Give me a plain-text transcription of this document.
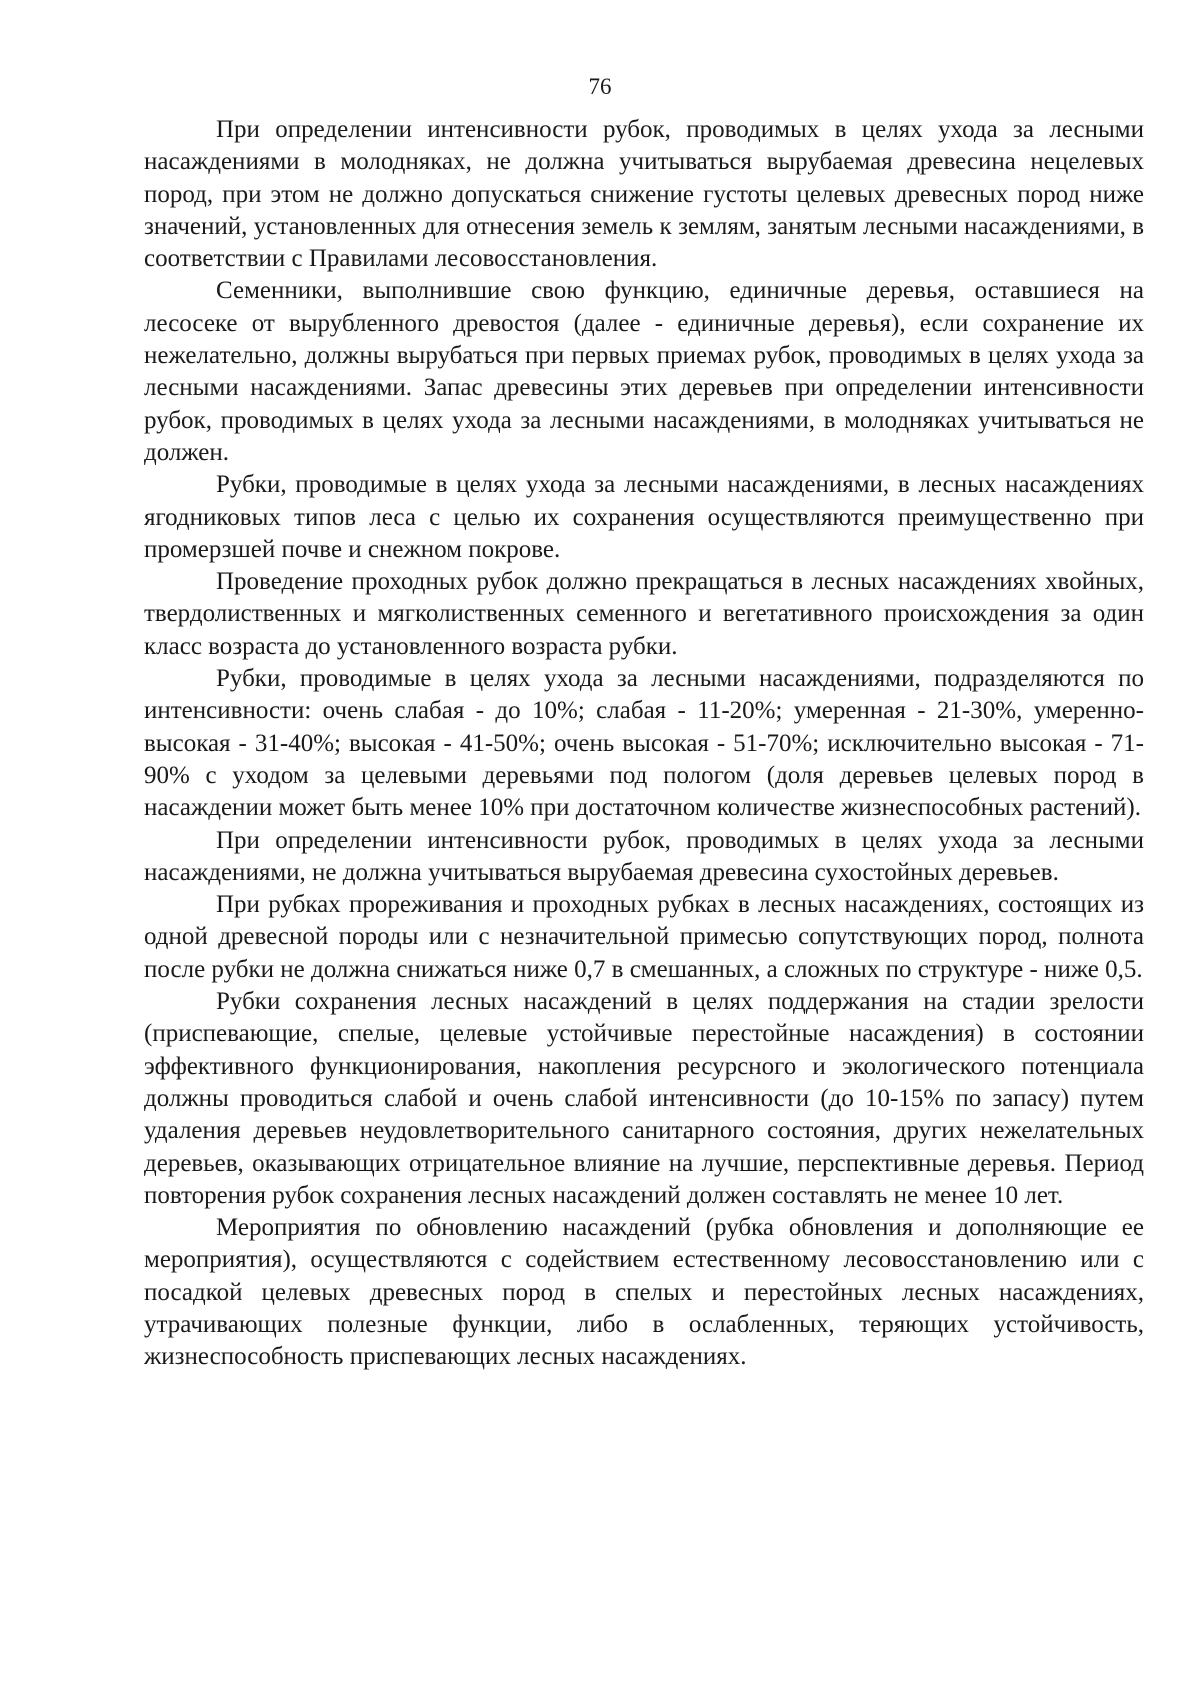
76

При определении интенсивности рубок, проводимых в целях ухода за лесными насаждениями в молодняках, не должна учитываться вырубаемая древесина нецелевых пород, при этом не должно допускаться снижение густоты целевых древесных пород ниже значений, установленных для отнесения земель к землям, занятым лесными насаждениями, в соответствии с Правилами лесовосстановления.

Семенники, выполнившие свою функцию, единичные деревья, оставшиеся на лесосеке от вырубленного древостоя (далее - единичные деревья), если сохранение их нежелательно, должны вырубаться при первых приемах рубок, проводимых в целях ухода за лесными насаждениями. Запас древесины этих деревьев при определении интенсивности рубок, проводимых в целях ухода за лесными насаждениями, в молодняках учитываться не должен.

Рубки, проводимые в целях ухода за лесными насаждениями, в лесных насаждениях ягодниковых типов леса с целью их сохранения осуществляются преимущественно при промерзшей почве и снежном покрове.

Проведение проходных рубок должно прекращаться в лесных насаждениях хвойных, твердолиственных и мягколиственных семенного и вегетативного происхождения за один класс возраста до установленного возраста рубки.

Рубки, проводимые в целях ухода за лесными насаждениями, подразделяются по интенсивности: очень слабая - до 10%; слабая - 11-20%; умеренная - 21-30%, умеренно-высокая - 31-40%; высокая - 41-50%; очень высокая - 51-70%; исключительно высокая - 71-90% с уходом за целевыми деревьями под пологом (доля деревьев целевых пород в насаждении может быть менее 10% при достаточном количестве жизнеспособных растений).

При определении интенсивности рубок, проводимых в целях ухода за лесными насаждениями, не должна учитываться вырубаемая древесина сухостойных деревьев.

При рубках прореживания и проходных рубках в лесных насаждениях, состоящих из одной древесной породы или с незначительной примесью сопутствующих пород, полнота после рубки не должна снижаться ниже 0,7 в смешанных, а сложных по структуре - ниже 0,5.

Рубки сохранения лесных насаждений в целях поддержания на стадии зрелости (приспевающие, спелые, целевые устойчивые перестойные насаждения) в состоянии эффективного функционирования, накопления ресурсного и экологического потенциала должны проводиться слабой и очень слабой интенсивности (до 10-15% по запасу) путем удаления деревьев неудовлетворительного санитарного состояния, других нежелательных деревьев, оказывающих отрицательное влияние на лучшие, перспективные деревья. Период повторения рубок сохранения лесных насаждений должен составлять не менее 10 лет.

Мероприятия по обновлению насаждений (рубка обновления и дополняющие ее мероприятия), осуществляются с содействием естественному лесовосстановлению или с посадкой целевых древесных пород в спелых и перестойных лесных насаждениях, утрачивающих полезные функции, либо в ослабленных, теряющих устойчивость, жизнеспособность приспевающих лесных насаждениях.
